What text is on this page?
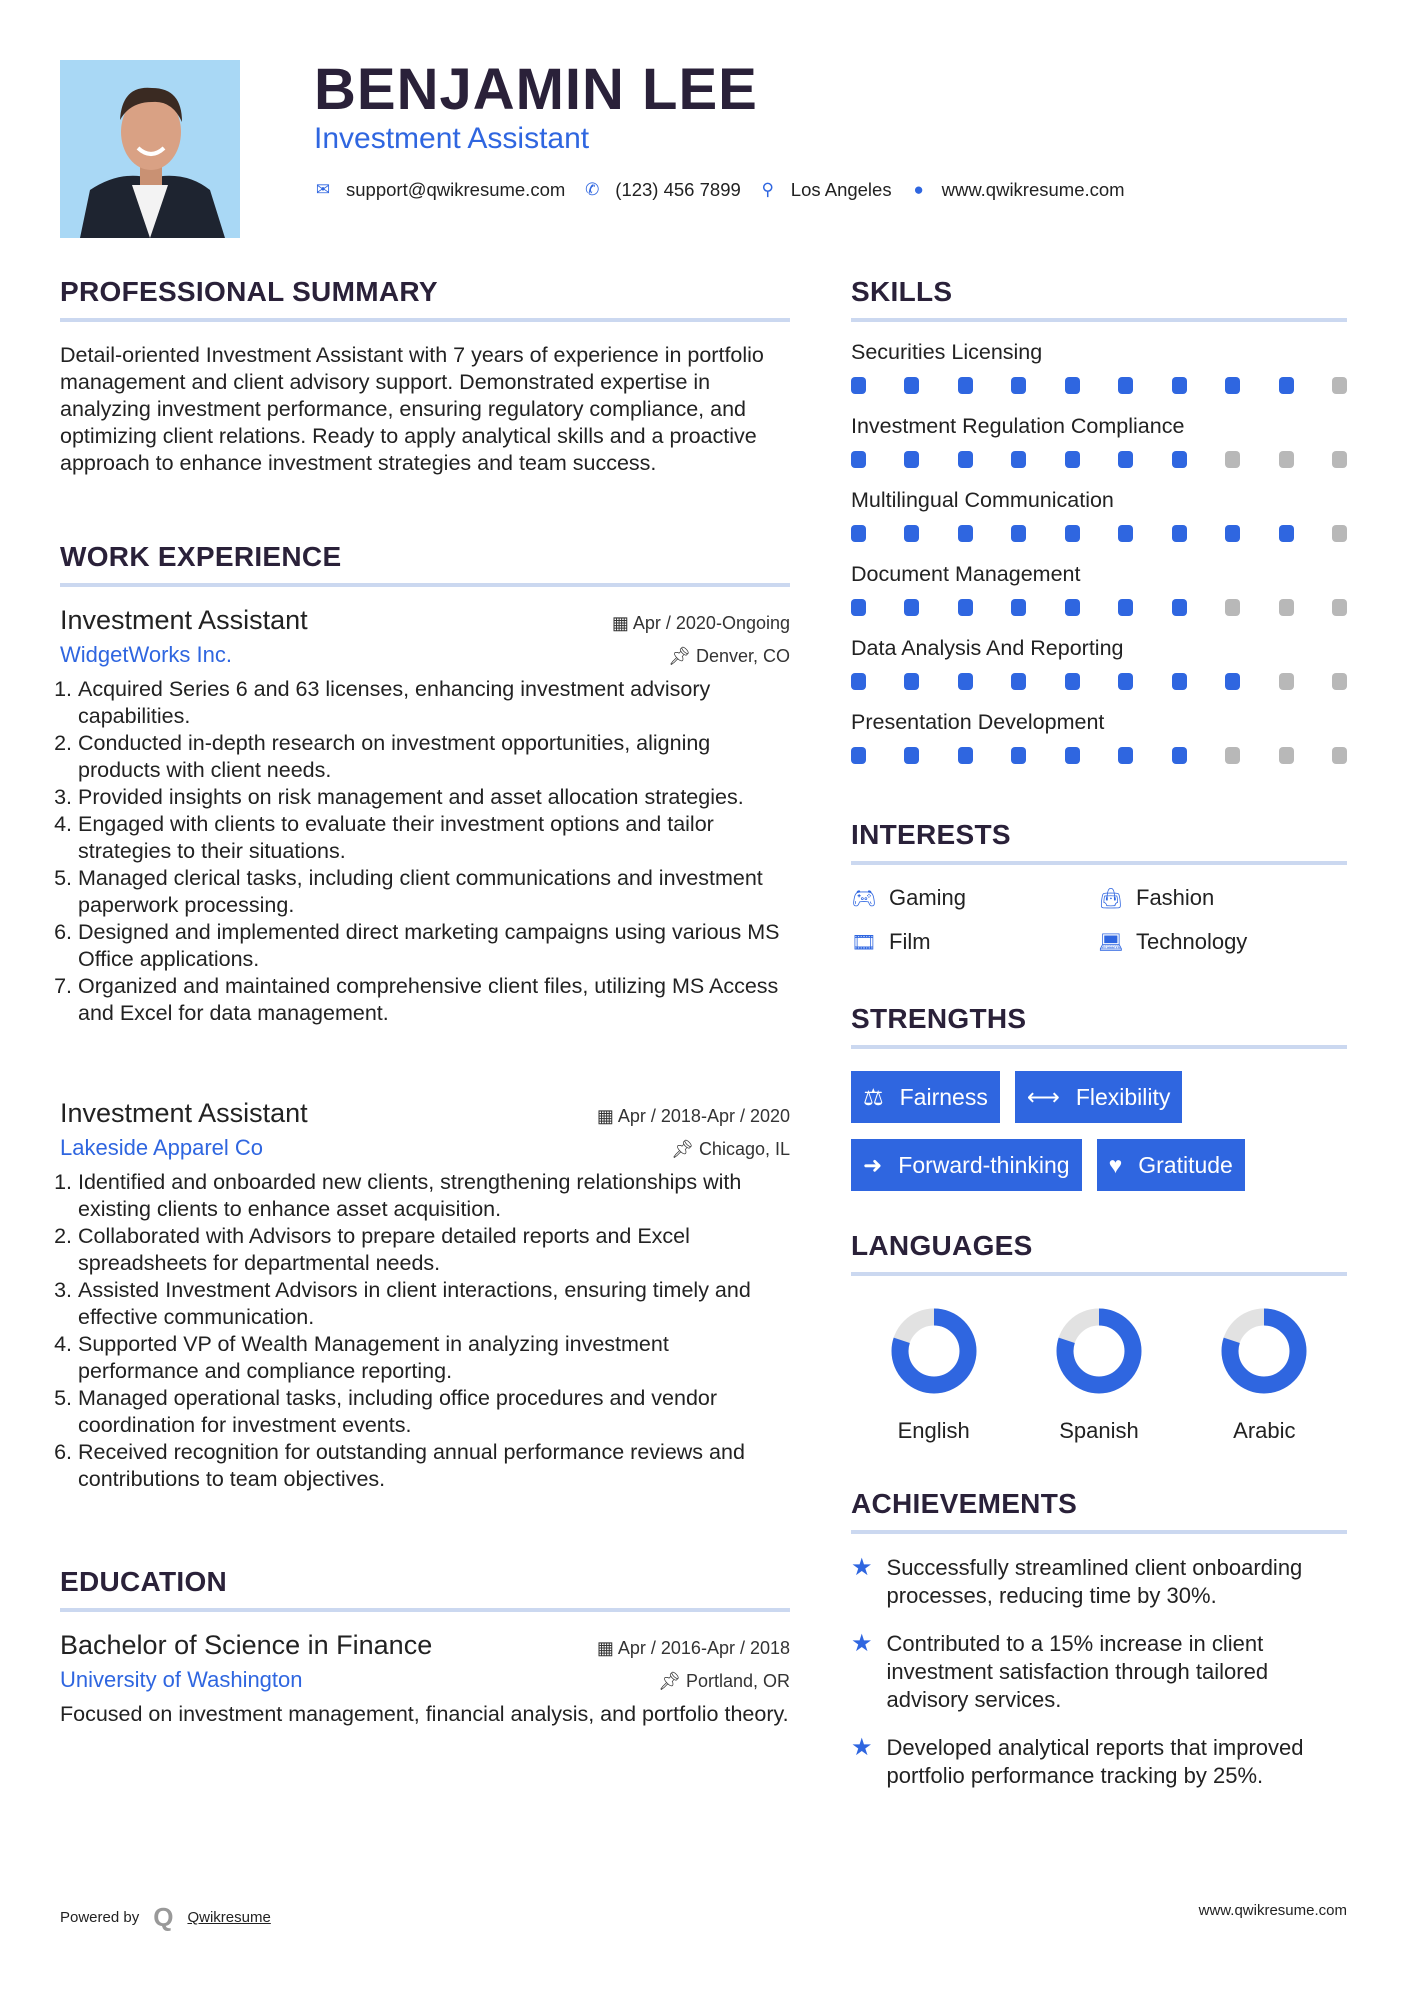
BENJAMIN LEE
Investment Assistant
✉ support@qwikresume.com ✆ (123) 456 7899 ⚲ Los Angeles ● www.qwikresume.com
PROFESSIONAL SUMMARY

Detail-oriented Investment Assistant with 7 years of experience in portfolio management and client advisory support. Demonstrated expertise in analyzing investment performance, ensuring regulatory compliance, and optimizing client relations. Ready to apply analytical skills and a proactive approach to enhance investment strategies and team success.

WORK EXPERIENCE
Investment Assistant	▦ Apr / 2020-Ongoing
WidgetWorks Inc.	📌︎ Denver, CO
1. Acquired Series 6 and 63 licenses, enhancing investment advisory capabilities.
2. Conducted in-depth research on investment opportunities, aligning products with client needs.
3. Provided insights on risk management and asset allocation strategies.
4. Engaged with clients to evaluate their investment options and tailor strategies to their situations.
5. Managed clerical tasks, including client communications and investment paperwork processing.
6. Designed and implemented direct marketing campaigns using various MS Office applications.
7. Organized and maintained comprehensive client files, utilizing MS Access and Excel for data management.
Investment Assistant	▦ Apr / 2018-Apr / 2020
Lakeside Apparel Co	📌︎ Chicago, IL
1. Identified and onboarded new clients, strengthening relationships with existing clients to enhance asset acquisition.
2. Collaborated with Advisors to prepare detailed reports and Excel spreadsheets for departmental needs.
3. Assisted Investment Advisors in client interactions, ensuring timely and effective communication.
4. Supported VP of Wealth Management in analyzing investment performance and compliance reporting.
5. Managed operational tasks, including office procedures and vendor coordination for investment events.
6. Received recognition for outstanding annual performance reviews and contributions to team objectives.
EDUCATION
Bachelor of Science in Finance	▦ Apr / 2016-Apr / 2018
University of Washington	📌︎ Portland, OR

Focused on investment management, financial analysis, and portfolio theory.

SKILLS
Securities Licensing
Investment Regulation Compliance
Multilingual Communication
Document Management
Data Analysis And Reporting
Presentation Development
INTERESTS
🎮︎ Gaming	👜︎ Fashion
🎞︎ Film	💻︎ Technology
STRENGTHS
⚖ Fairness ⟷ Flexibility
➜ Forward-thinking ♥ Gratitude
LANGUAGES
English	Spanish	Arabic
ACHIEVEMENTS
★ Successfully streamlined client onboarding processes, reducing time by 30%.
★ Contributed to a 15% increase in client investment satisfaction through tailored advisory services.
★ Developed analytical reports that improved portfolio performance tracking by 25%.
Powered by Q Qwikresume	www.qwikresume.com
